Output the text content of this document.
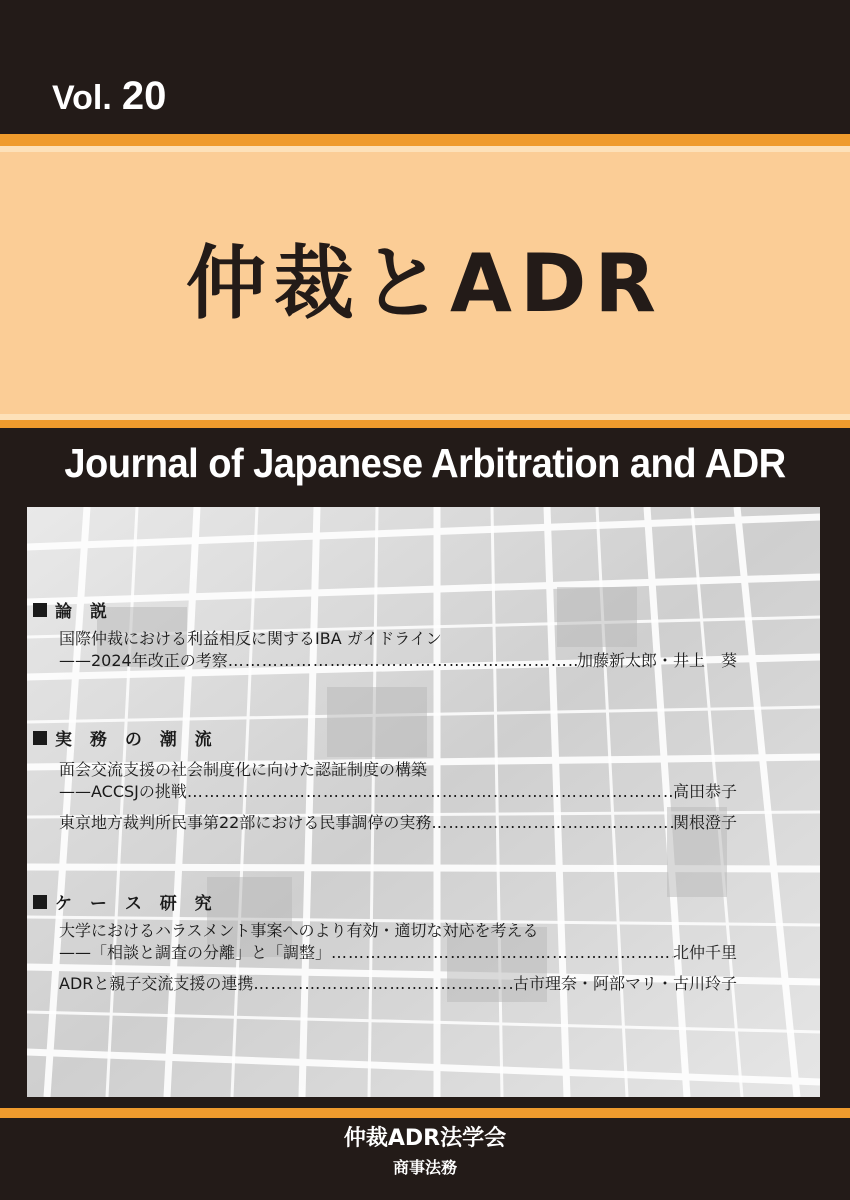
Vol. 20
仲裁とADR
Journal of Japanese Arbitration and ADR
論 説
国際仲裁における利益相反に関するIBA ガイドライン
——2024年改正の考察 …………………………………………………………………………………………………………………………	加藤新太郎・井上　葵
実 務 の 潮 流
面会交流支援の社会制度化に向けた認証制度の構築
——ACCSJの挑戦 …………………………………………………………………………………………………………………………	高田恭子
東京地方裁判所民事第22部における民事調停の実務 …………………………………………………………………………………………………………………………	関根澄子
ケ ー ス 研 究
大学におけるハラスメント事案へのより有効・適切な対応を考える
——「相談と調査の分離」と「調整」 …………………………………………………………………………………………………………………………	北仲千里
ADRと親子交流支援の連携 …………………………………………………………………………………………………………………………	古市理奈・阿部マリ・古川玲子
仲裁ADR法学会
商事法務
